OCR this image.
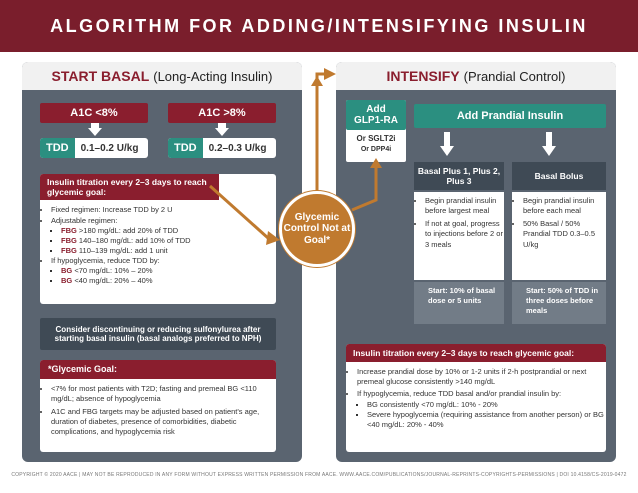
ALGORITHM FOR ADDING/INTENSIFYING INSULIN
START BASAL (Long-Acting Insulin)
A1C <8%	A1C >8%
TDD	0.1–0.2 U/kg	TDD	0.2–0.3 U/kg
Insulin titration every 2–3 days to reach glycemic goal:
• Fixed regimen: Increase TDD by 2 U
• Adjustable regimen:
▪ FBG >180 mg/dL: add 20% of TDD
▪ FBG 140–180 mg/dL: add 10% of TDD
▪ FBG 110–139 mg/dL: add 1 unit
• If hypoglycemia, reduce TDD by:
▪ BG <70 mg/dL: 10% – 20%
▪ BG <40 mg/dL: 20% – 40%
Consider discontinuing or reducing sulfonylurea after starting basal insulin (basal analogs preferred to NPH)
*Glycemic Goal:
• <7% for most patients with T2D; fasting and premeal BG <110 mg/dL; absence of hypoglycemia
• A1C and FBG targets may be adjusted based on patient's age, duration of diabetes, presence of comorbidities, diabetic complications, and hypoglycemia risk
INTENSIFY (Prandial Control)
Add
GLP1-RA
Or SGLT2i
Or DPP4i
Add Prandial Insulin
Basal Plus 1, Plus 2, Plus 3	Basal Bolus
• Begin prandial insulin before largest meal
• If not at goal, progress to injections before 2 or 3 meals
• Begin prandial insulin before each meal
• 50% Basal / 50% Prandial TDD 0.3–0.5 U/kg
Start: 10% of basal dose or 5 units
Start: 50% of TDD in three doses before meals
Insulin titration every 2–3 days to reach glycemic goal:
• Increase prandial dose by 10% or 1-2 units if 2-h postprandial or next premeal glucose consistently >140 mg/dL
• If hypoglycemia, reduce TDD basal and/or prandial insulin by:
▪ BG consistently <70 mg/dL: 10% - 20%
▪ Severe hypoglycemia (requiring assistance from another person) or BG <40 mg/dL: 20% - 40%
Glycemic Control Not at Goal*
COPYRIGHT © 2020 AACE | MAY NOT BE REPRODUCED IN ANY FORM WITHOUT EXPRESS WRITTEN PERMISSION FROM AACE. WWW.AACE.COM/PUBLICATIONS/JOURNAL-REPRINTS-COPYRIGHTS-PERMISSIONS | DOI 10.4158/CS-2019-0472
